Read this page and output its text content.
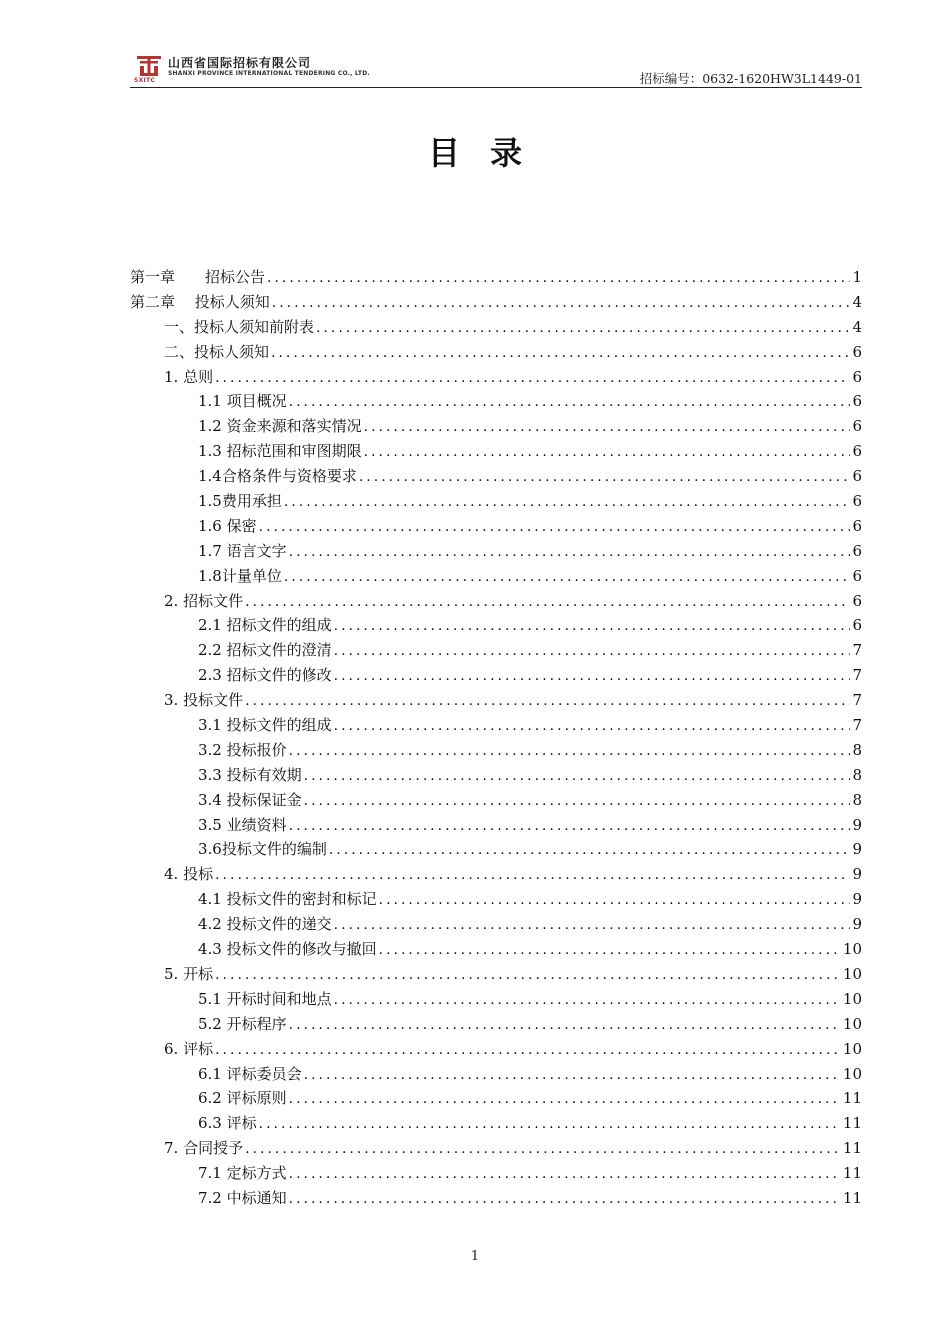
SXITC
山西省国际招标有限公司
SHANXI PROVINCE INTERNATIONAL TENDERING CO., LTD.	招标编号：0632-1620HW3L1449-01
目录
第一章　　招标公告 .....	1
第二章　 投标人须知 .....	4
一、投标人须知前附表 .....	4
二、投标人须知 .....	6
1. 总则 .....	6
1.1 项目概况 .....	6
1.2 资金来源和落实情况 .....	6
1.3 招标范围和审图期限 .....	6
1.4合格条件与资格要求 .....	6
1.5费用承担 .....	6
1.6 保密 .....	6
1.7 语言文字 .....	6
1.8计量单位 .....	6
2. 招标文件 .....	6
2.1 招标文件的组成 .....	6
2.2 招标文件的澄清 .....	7
2.3 招标文件的修改 .....	7
3. 投标文件 .....	7
3.1 投标文件的组成 .....	7
3.2 投标报价 .....	8
3.3 投标有效期 .....	8
3.4 投标保证金 .....	8
3.5 业绩资料 .....	9
3.6投标文件的编制 .....	9
4. 投标 .....	9
4.1 投标文件的密封和标记 .....	9
4.2 投标文件的递交 .....	9
4.3 投标文件的修改与撤回 .....	10
5. 开标 .....	10
5.1 开标时间和地点 .....	10
5.2 开标程序 .....	10
6. 评标 .....	10
6.1 评标委员会 .....	10
6.2 评标原则 .....	11
6.3 评标 .....	11
7. 合同授予 .....	11
7.1 定标方式 .....	11
7.2 中标通知 .....	11
1
